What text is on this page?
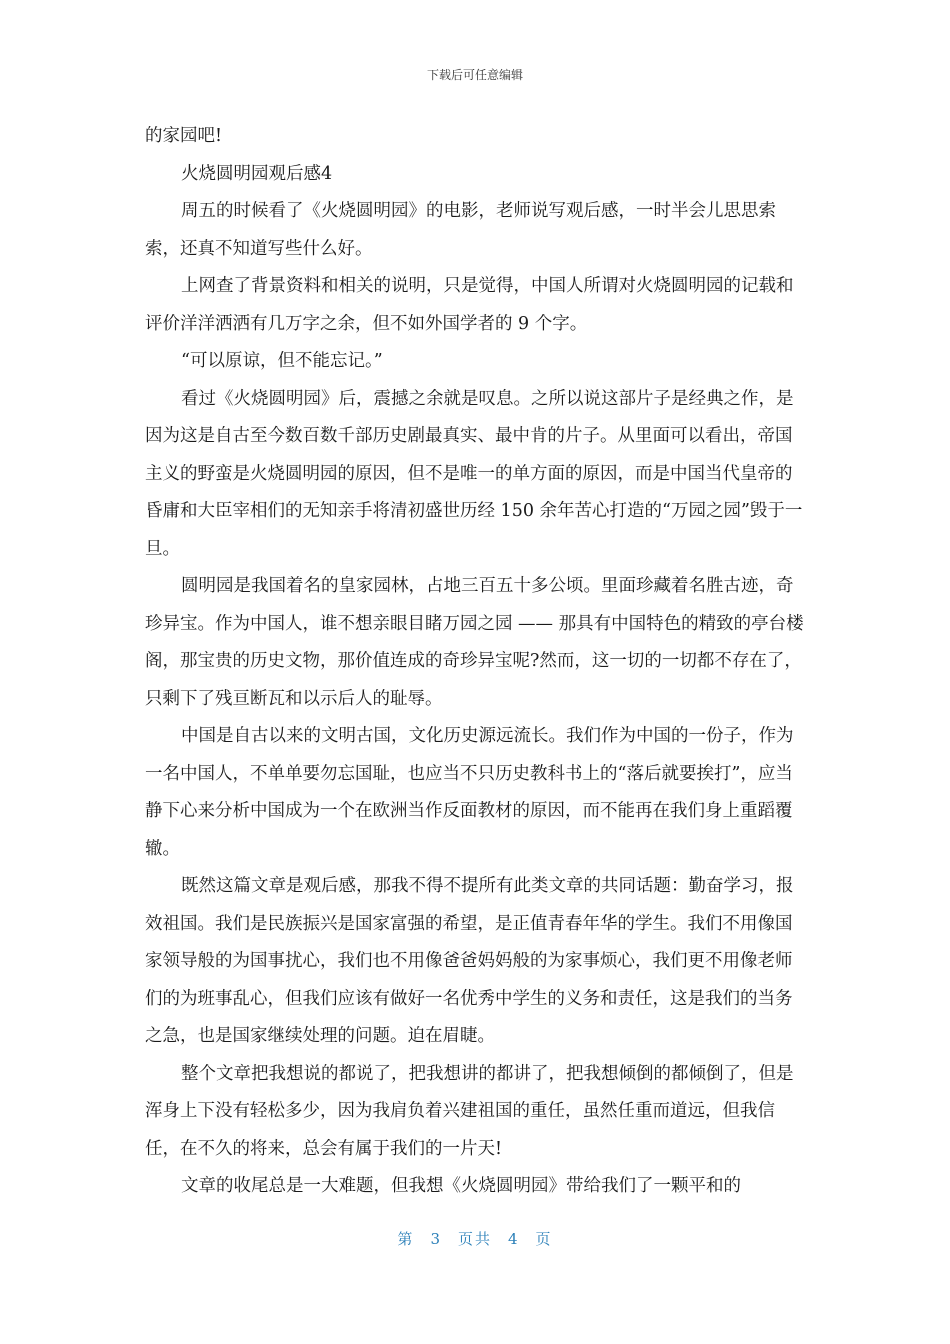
下载后可任意编辑

的家园吧!

火烧圆明园观后感4

周五的时候看了《火烧圆明园》的电影，老师说写观后感，一时半会儿思思索索，还真不知道写些什么好。

上网查了背景资料和相关的说明，只是觉得，中国人所谓对火烧圆明园的记载和评价洋洋洒洒有几万字之余，但不如外国学者的 9 个字。

“可以原谅，但不能忘记。”

看过《火烧圆明园》后，震撼之余就是叹息。之所以说这部片子是经典之作，是因为这是自古至今数百数千部历史剧最真实、最中肯的片子。从里面可以看出，帝国主义的野蛮是火烧圆明园的原因，但不是唯一的单方面的原因，而是中国当代皇帝的昏庸和大臣宰相们的无知亲手将清初盛世历经 150 余年苦心打造的“万园之园”毁于一旦。

圆明园是我国着名的皇家园林，占地三百五十多公顷。里面珍藏着名胜古迹，奇珍异宝。作为中国人，谁不想亲眼目睹万园之园 —— 那具有中国特色的精致的亭台楼阁，那宝贵的历史文物，那价值连成的奇珍异宝呢?然而，这一切的一切都不存在了，只剩下了残亘断瓦和以示后人的耻辱。

中国是自古以来的文明古国，文化历史源远流长。我们作为中国的一份子，作为一名中国人，不单单要勿忘国耻，也应当不只历史教科书上的“落后就要挨打”，应当静下心来分析中国成为一个在欧洲当作反面教材的原因，而不能再在我们身上重蹈覆辙。

既然这篇文章是观后感，那我不得不提所有此类文章的共同话题：勤奋学习，报效祖国。我们是民族振兴是国家富强的希望，是正值青春年华的学生。我们不用像国家领导般的为国事扰心，我们也不用像爸爸妈妈般的为家事烦心，我们更不用像老师们的为班事乱心，但我们应该有做好一名优秀中学生的义务和责任，这是我们的当务之急，也是国家继续处理的问题。迫在眉睫。

整个文章把我想说的都说了，把我想讲的都讲了，把我想倾倒的都倾倒了，但是浑身上下没有轻松多少，因为我肩负着兴建祖国的重任，虽然任重而道远，但我信任，在不久的将来，总会有属于我们的一片天!

文章的收尾总是一大难题，但我想《火烧圆明园》带给我们了一颗平和的

第 3 页共 4 页
